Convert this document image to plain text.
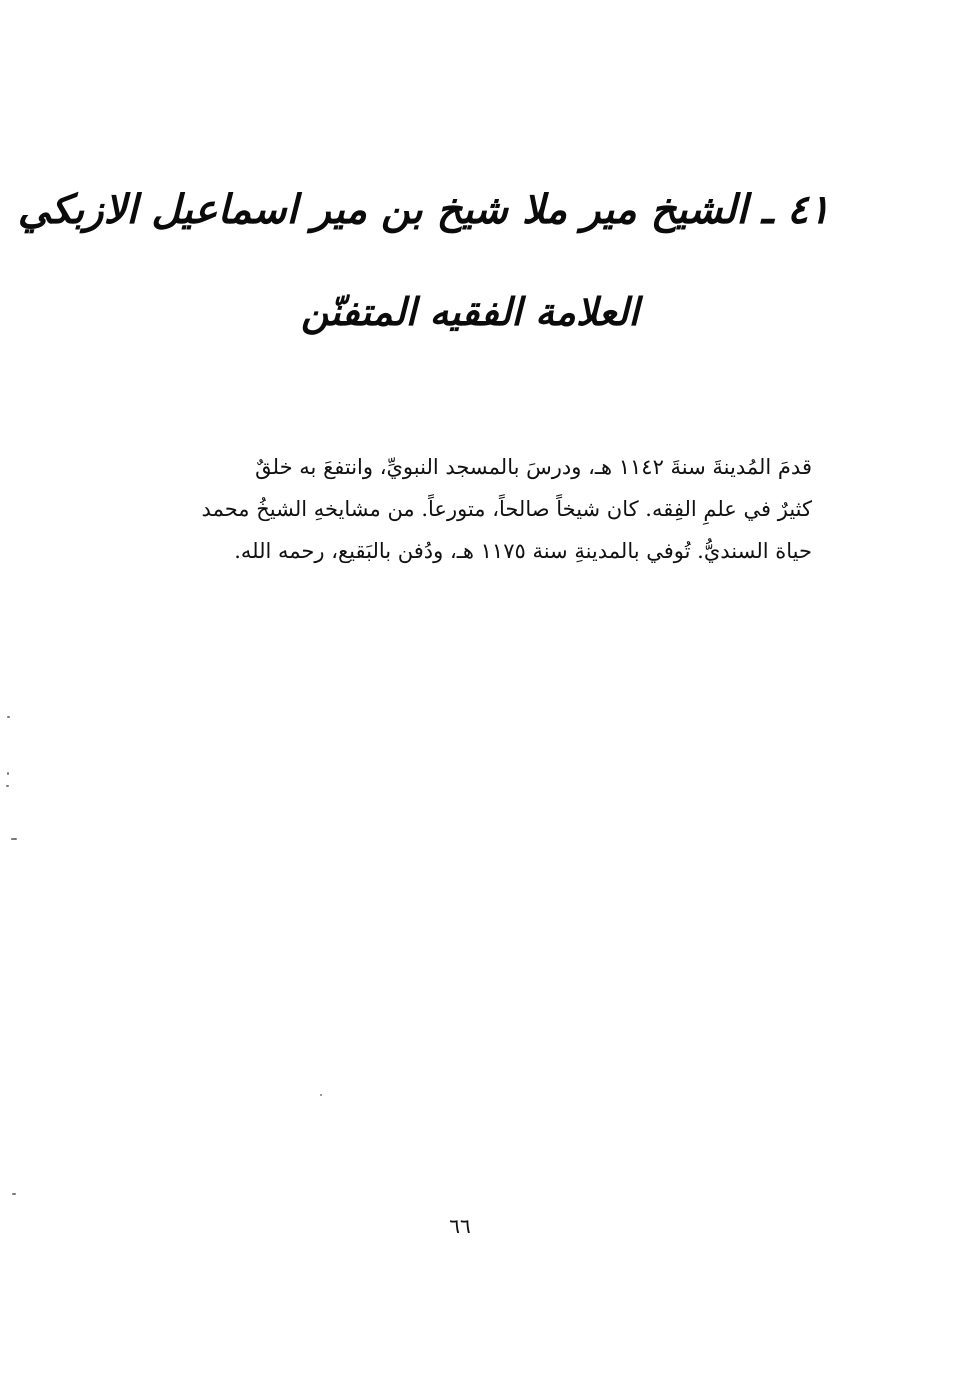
٤١ ـ الشيخ مير ملا شيخ بن مير اسماعيل الازبكي
العلامة الفقيه المتفنّن
قدمَ المُدينةَ سنةَ ١١٤٢ هـ، ودرسَ بالمسجد النبويِّ، وانتفعَ به خلقٌ
كثيرٌ في علمِ الفِقه. كان شيخاً صالحاً، متورعاً. من مشايخهِ الشيخُ محمد
حياة السنديُّ. تُوفي بالمدينةِ سنة ١١٧٥ هـ، ودُفن بالبَقيع، رحمه الله.
٦٦
